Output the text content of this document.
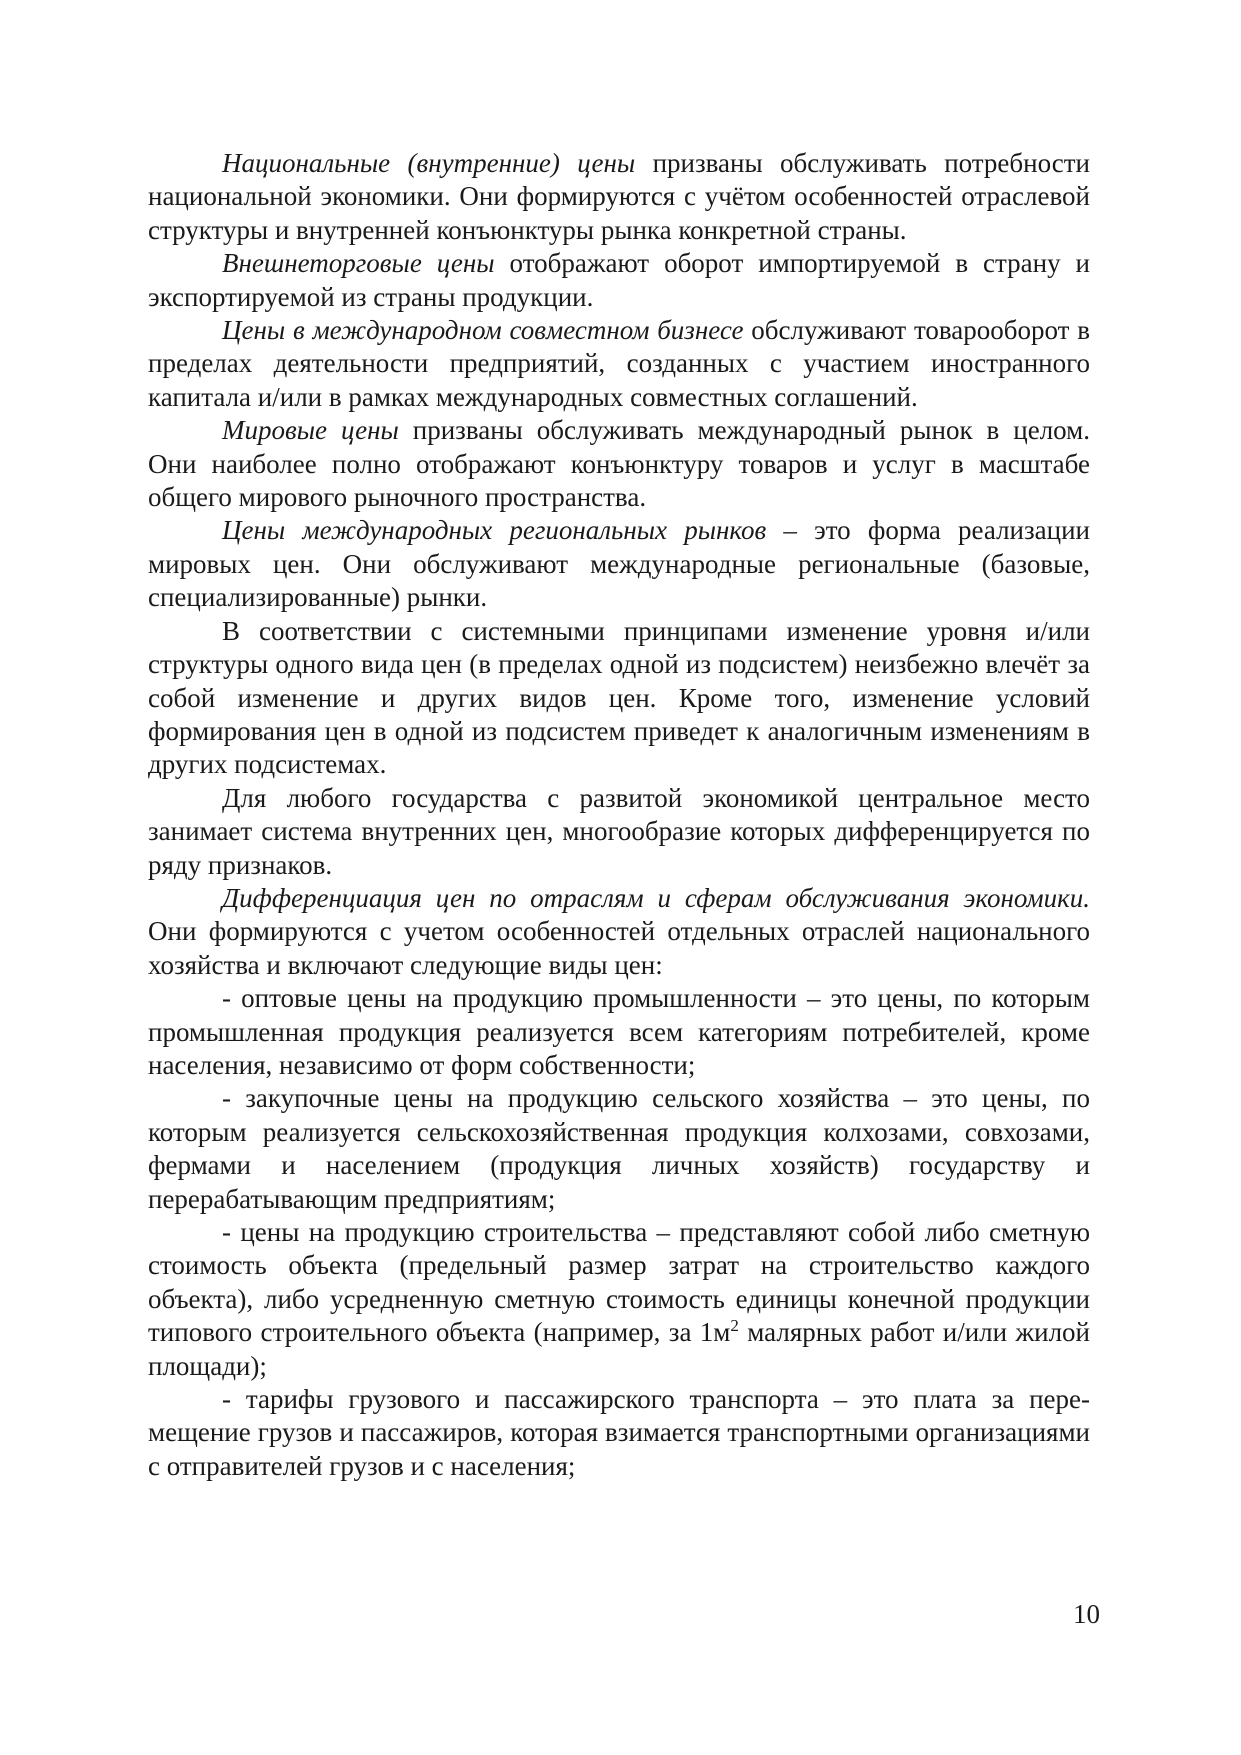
Национальные (внутренние) цены призваны обслуживать потребности национальной экономики. Они формируются с учётом особенностей отраслевой структуры и внутренней конъюнктуры рынка конкретной страны.

Внешнеторговые цены отображают оборот импортируемой в страну и экспортируемой из страны продукции.

Цены в международном совместном бизнесе обслуживают товарооборот в пределах деятельности предприятий, созданных с участием иностранного капитала и/или в рамках международных совместных соглашений.

Мировые цены призваны обслуживать международный рынок в целом. Они наиболее полно отображают конъюнктуру товаров и услуг в масштабе общего мирового рыночного пространства.

Цены международных региональных рынков – это форма реализации мировых цен. Они обслуживают международные региональные (базовые, специализированные) рынки.

В соответствии с системными принципами изменение уровня и/или структуры одного вида цен (в пределах одной из подсистем) неизбежно влечёт за собой изменение и других видов цен. Кроме того, изменение условий формирования цен в одной из подсистем приведет к аналогичным изменениям в других подсистемах.

Для любого государства с развитой экономикой центральное место занимает система внутренних цен, многообразие которых дифференцируется по ряду признаков.

Дифференциация цен по отраслям и сферам обслуживания экономики. Они формируются с учетом особенностей отдельных отраслей национального хозяйства и включают следующие виды цен:

- оптовые цены на продукцию промышленности – это цены, по которым промышленная продукция реализуется всем категориям потребителей, кроме населения, независимо от форм собственности;

- закупочные цены на продукцию сельского хозяйства – это цены, по которым реализуется сельскохозяйственная продукция колхозами, совхозами, фермами и населением (продукция личных хозяйств) государству и перерабатывающим предприятиям;

- цены на продукцию строительства – представляют собой либо сметную стоимость объекта (предельный размер затрат на строительство каждого объекта), либо усредненную сметную стоимость единицы конечной продукции типового строительного объекта (например, за $1м^2$ малярных работ и/или жилой площади);

- тарифы грузового и пассажирского транспорта – это плата за перемещение грузов и пассажиров, которая взимается транспортными организациями с отправителей грузов и с населения;

10
